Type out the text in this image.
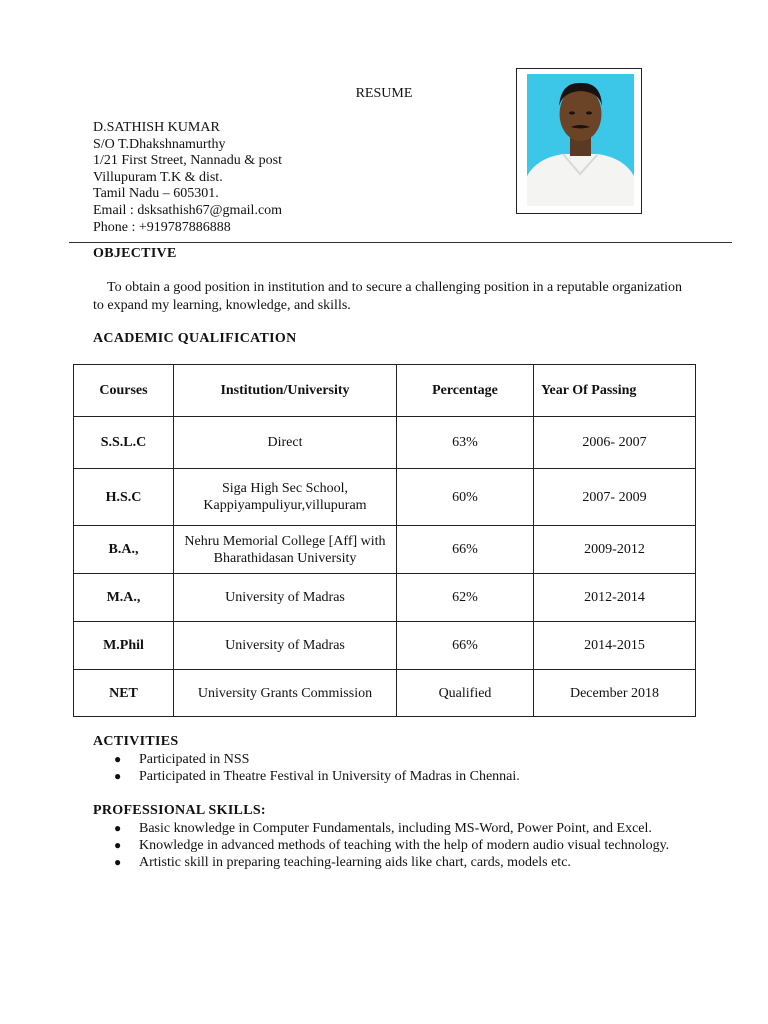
RESUME
D.SATHISH KUMAR
S/O T.Dhakshnamurthy
1/21 First Street, Nannadu & post
Villupuram T.K & dist.
Tamil Nadu – 605301.
Email : dsksathish67@gmail.com
Phone : +919787886888
OBJECTIVE
To obtain a good position in institution and to secure a challenging position in a reputable organization to expand my learning, knowledge, and skills.
ACADEMIC QUALIFICATION
Courses	Institution/University	Percentage	Year Of Passing
S.S.L.C	Direct	63%	2006- 2007
H.S.C	Siga High Sec School, Kappiyampuliyur,villupuram	60%	2007- 2009
B.A.,	Nehru Memorial College [Aff] with Bharathidasan University	66%	2009-2012
M.A.,	University of Madras	62%	2012-2014
M.Phil	University of Madras	66%	2014-2015
NET	University Grants Commission	Qualified	December 2018
ACTIVITIES
● Participated in NSS
● Participated in Theatre Festival in University of Madras in Chennai.
PROFESSIONAL SKILLS:
● Basic knowledge in Computer Fundamentals, including MS-Word, Power Point, and Excel.
● Knowledge in advanced methods of teaching with the help of modern audio visual technology.
● Artistic skill in preparing teaching-learning aids like chart, cards, models etc.
